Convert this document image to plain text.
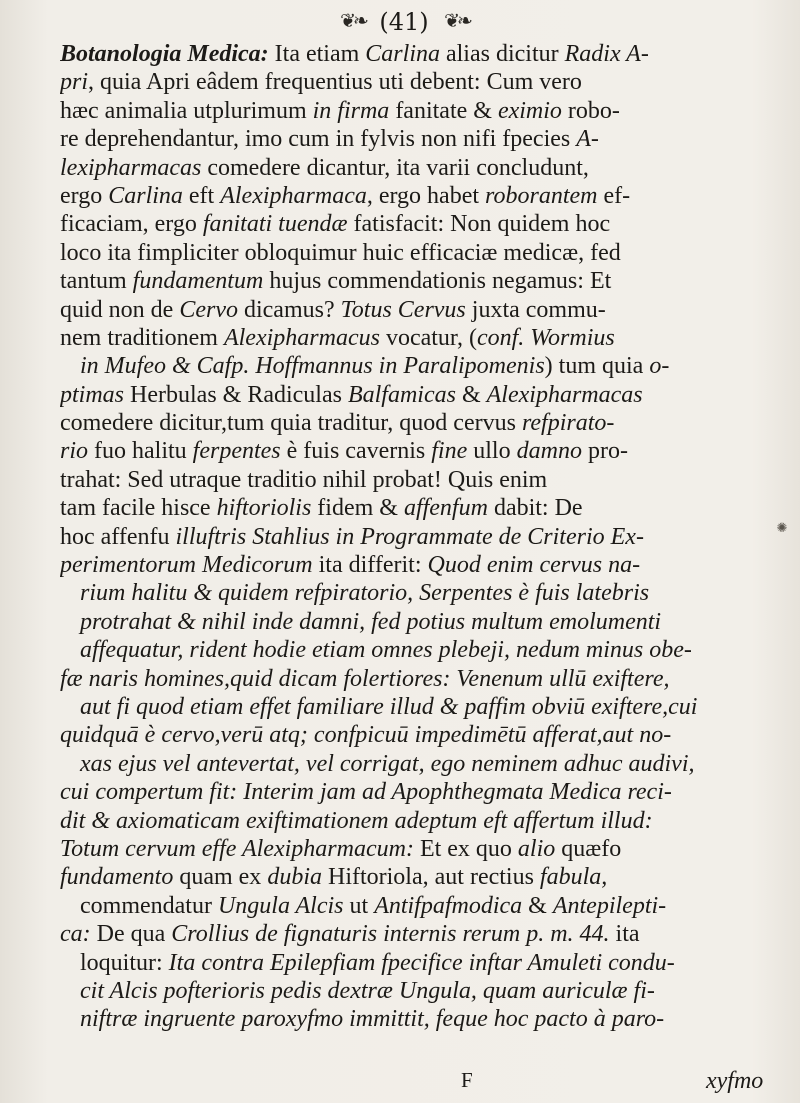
❦❧ (41) ❦❧
Botanologia Medica: Ita etiam Carlina alias dicitur Radix A-
pri, quia Apri eâdem frequentius uti debent: Cum vero
hæc animalia utplurimum in firma fanitate & eximio robo-
re deprehendantur, imo cum in fylvis non nifi fpecies A-
lexipharmacas comedere dicantur, ita varii concludunt,
ergo Carlina eft Alexipharmaca, ergo habet roborantem ef-
ficaciam, ergo fanitati tuendæ fatisfacit: Non quidem hoc
loco ita fimpliciter obloquimur huic efficaciæ medicæ, fed
tantum fundamentum hujus commendationis negamus: Et
quid non de Cervo dicamus? Totus Cervus juxta commu-
nem traditionem Alexipharmacus vocatur, (conf. Wormius
in Mufeo & Cafp. Hoffmannus in Paralipomenis) tum quia o-
ptimas Herbulas & Radiculas Balfamicas & Alexipharmacas
comedere dicitur,tum quia traditur, quod cervus refpirato-
rio fuo halitu ferpentes è fuis cavernis fine ullo damno pro-
trahat: Sed utraque traditio nihil probat! Quis enim
tam facile hisce hiftoriolis fidem & affenfum dabit: De
hoc affenfu illuftris Stahlius in Programmate de Criterio Ex-
perimentorum Medicorum ita differit: Quod enim cervus na-
rium halitu & quidem refpiratorio, Serpentes è fuis latebris
protrahat & nihil inde damni, fed potius multum emolumenti
affequatur, rident hodie etiam omnes plebeji, nedum minus obe-
fæ naris homines,quid dicam folertiores: Venenum ullū exiftere,
aut fi quod etiam effet familiare illud & paffim obviū exiftere,cui
quidquā è cervo,verū atq; confpicuū impedimētū afferat,aut no-
xas ejus vel antevertat, vel corrigat, ego neminem adhuc audivi,
cui compertum fit: Interim jam ad Apophthegmata Medica reci-
dit & axiomaticam exiftimationem adeptum eft affertum illud:
Totum cervum effe Alexipharmacum: Et ex quo alio quæfo
fundamento quam ex dubia Hiftoriola, aut rectius fabula,
commendatur Ungula Alcis ut Antifpafmodica & Antepilepti-
ca: De qua Crollius de fignaturis internis rerum p. m. 44. ita
loquitur: Ita contra Epilepfiam fpecifice inftar Amuleti condu-
cit Alcis pofterioris pedis dextræ Ungula, quam auriculæ fi-
niftræ ingruente paroxyfmo immittit, feque hoc pacto à paro-
✺
F	xyfmo
